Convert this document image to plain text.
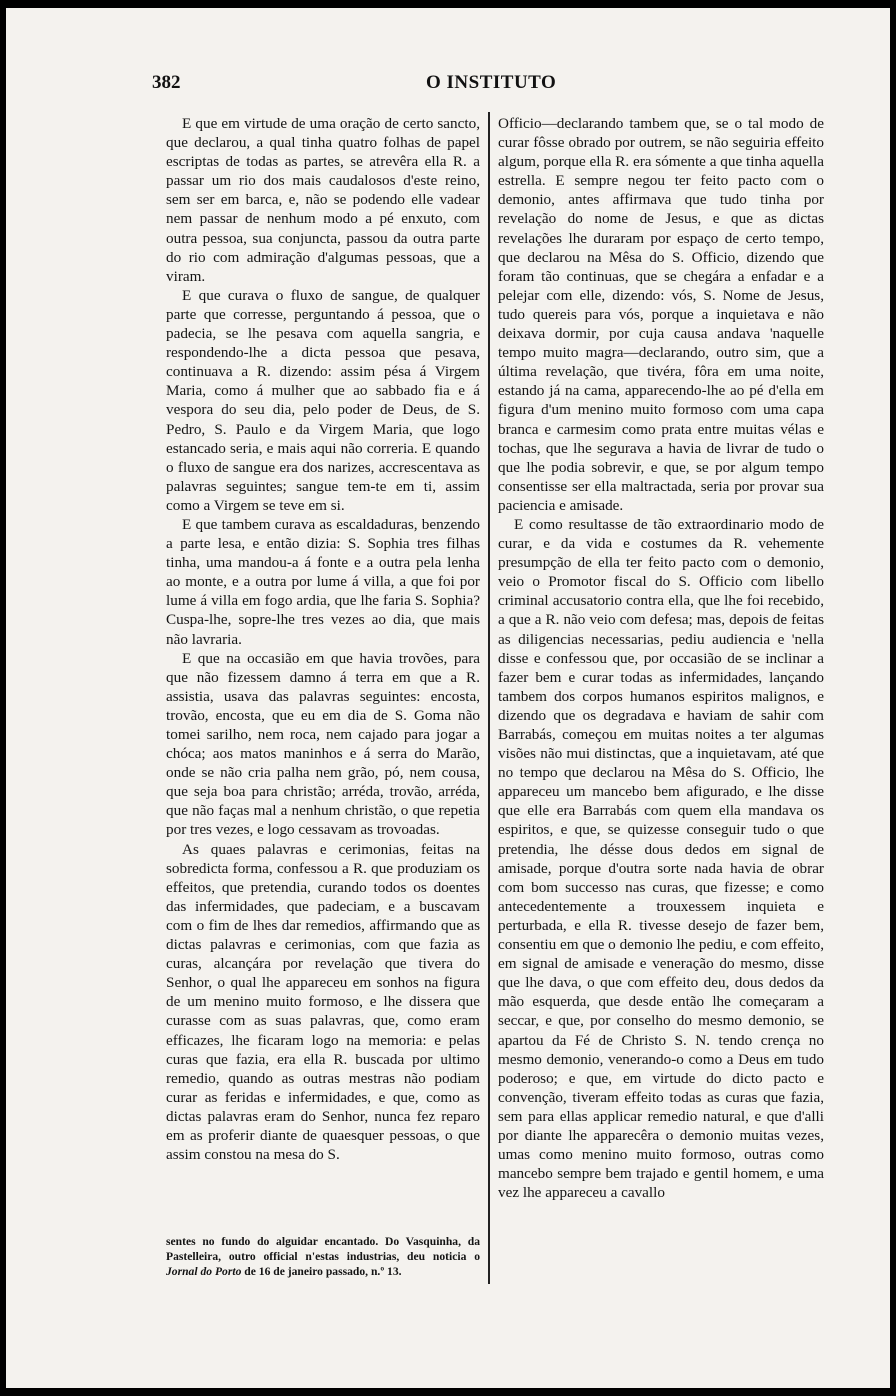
382	O INSTITUTO

E que em virtude de uma oração de certo sancto, que declarou, a qual tinha quatro folhas de papel escriptas de todas as partes, se atrevêra ella R. a passar um rio dos mais caudalosos d'este reino, sem ser em barca, e, não se podendo elle vadear nem passar de nenhum modo a pé enxuto, com outra pessoa, sua conjuncta, passou da outra parte do rio com admiração d'algumas pessoas, que a viram.

E que curava o fluxo de sangue, de qualquer parte que corresse, perguntando á pessoa, que o padecia, se lhe pesava com aquella sangria, e respondendo-lhe a dicta pessoa que pesava, continuava a R. dizendo: assim pésa á Virgem Maria, como á mulher que ao sabbado fia e á vespora do seu dia, pelo poder de Deus, de S. Pedro, S. Paulo e da Virgem Maria, que logo estancado seria, e mais aqui não correria. E quando o fluxo de sangue era dos narizes, accrescentava as palavras seguintes; sangue tem-te em ti, assim como a Virgem se teve em si.

E que tambem curava as escaldaduras, benzendo a parte lesa, e então dizia: S. Sophia tres filhas tinha, uma mandou-a á fonte e a outra pela lenha ao monte, e a outra por lume á villa, a que foi por lume á villa em fogo ardia, que lhe faria S. Sophia? Cuspa-lhe, sopre-lhe tres vezes ao dia, que mais não lavraria.

E que na occasião em que havia trovões, para que não fizessem damno á terra em que a R. assistia, usava das palavras seguintes: encosta, trovão, encosta, que eu em dia de S. Goma não tomei sarilho, nem roca, nem cajado para jogar a chóca; aos matos maninhos e á serra do Marão, onde se não cria palha nem grão, pó, nem cousa, que seja boa para christão; arréda, trovão, arréda, que não faças mal a nenhum christão, o que repetia por tres vezes, e logo cessavam as trovoadas.

As quaes palavras e cerimonias, feitas na sobredicta forma, confessou a R. que produziam os effeitos, que pretendia, curando todos os doentes das infermidades, que padeciam, e a buscavam com o fim de lhes dar remedios, affirmando que as dictas palavras e cerimonias, com que fazia as curas, alcançára por revelação que tivera do Senhor, o qual lhe appareceu em sonhos na figura de um menino muito formoso, e lhe dissera que curasse com as suas palavras, que, como eram efficazes, lhe ficaram logo na memoria: e pelas curas que fazia, era ella R. buscada por ultimo remedio, quando as outras mestras não podiam curar as feridas e infermidades, e que, como as dictas palavras eram do Senhor, nunca fez reparo em as proferir diante de quaesquer pessoas, o que assim constou na mesa do S.

Officio—declarando tambem que, se o tal modo de curar fôsse obrado por outrem, se não seguiria effeito algum, porque ella R. era sómente a que tinha aquella estrella. E sempre negou ter feito pacto com o demonio, antes affirmava que tudo tinha por revelação do nome de Jesus, e que as dictas revelações lhe duraram por espaço de certo tempo, que declarou na Mêsa do S. Officio, dizendo que foram tão continuas, que se chegára a enfadar e a pelejar com elle, dizendo: vós, S. Nome de Jesus, tudo quereis para vós, porque a inquietava e não deixava dormir, por cuja causa andava 'naquelle tempo muito magra—declarando, outro sim, que a última revelação, que tivéra, fôra em uma noite, estando já na cama, apparecendo-lhe ao pé d'ella em figura d'um menino muito formoso com uma capa branca e carmesim como prata entre muitas vélas e tochas, que lhe segurava a havia de livrar de tudo o que lhe podia sobrevir, e que, se por algum tempo consentisse ser ella maltractada, seria por provar sua paciencia e amisade.

E como resultasse de tão extraordinario modo de curar, e da vida e costumes da R. vehemente presumpção de ella ter feito pacto com o demonio, veio o Promotor fiscal do S. Officio com libello criminal accusatorio contra ella, que lhe foi recebido, a que a R. não veio com defesa; mas, depois de feitas as diligencias necessarias, pediu audiencia e 'nella disse e confessou que, por occasião de se inclinar a fazer bem e curar todas as infermidades, lançando tambem dos corpos humanos espiritos malignos, e dizendo que os degradava e haviam de sahir com Barrabás, começou em muitas noites a ter algumas visões não mui distinctas, que a inquietavam, até que no tempo que declarou na Mêsa do S. Officio, lhe appareceu um mancebo bem afigurado, e lhe disse que elle era Barrabás com quem ella mandava os espiritos, e que, se quizesse conseguir tudo o que pretendia, lhe désse dous dedos em signal de amisade, porque d'outra sorte nada havia de obrar com bom successo nas curas, que fizesse; e como antecedentemente a trouxessem inquieta e perturbada, e ella R. tivesse desejo de fazer bem, consentiu em que o demonio lhe pediu, e com effeito, em signal de amisade e veneração do mesmo, disse que lhe dava, o que com effeito deu, dous dedos da mão esquerda, que desde então lhe começaram a seccar, e que, por conselho do mesmo demonio, se apartou da Fé de Christo S. N. tendo crença no mesmo demonio, venerando-o como a Deus em tudo poderoso; e que, em virtude do dicto pacto e convenção, tiveram effeito todas as curas que fazia, sem para ellas applicar remedio natural, e que d'alli por diante lhe apparecêra o demonio muitas vezes, umas como menino muito formoso, outras como mancebo sempre bem trajado e gentil homem, e uma vez lhe appareceu a cavallo

sentes no fundo do alguidar encantado. Do Vasquinha, da Pastelleira, outro official n'estas industrias, deu noticia o Jornal do Porto de 16 de janeiro passado, n.º 13.
